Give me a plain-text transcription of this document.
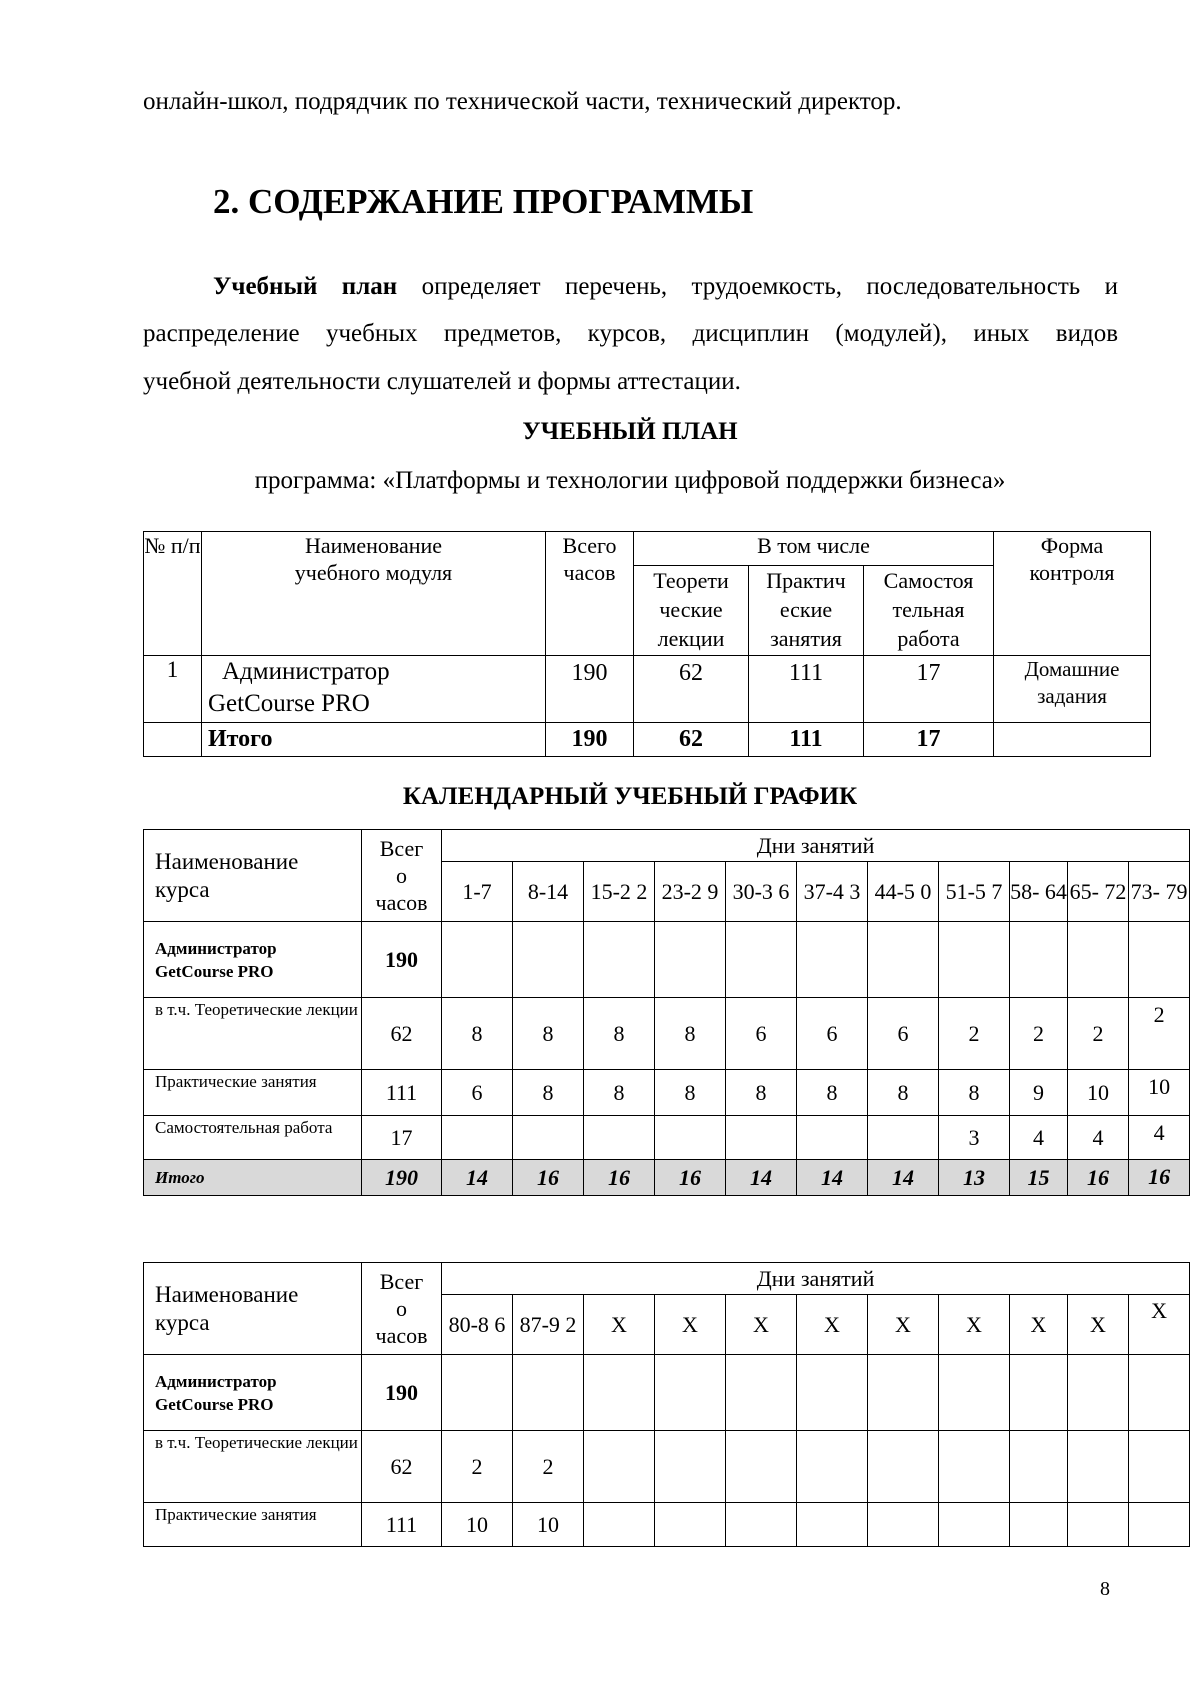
онлайн-школ, подрядчик по технической части, технический директор.
2. СОДЕРЖАНИЕ ПРОГРАММЫ
Учебный план определяет перечень, трудоемкость, последовательность и
распределение учебных предметов, курсов, дисциплин (модулей), иных видов
учебной деятельности слушателей и формы аттестации.
УЧЕБНЫЙ ПЛАН
программа: «Платформы и технологии цифровой поддержки бизнеса»
№ п/п	Наименование учебного модуля	Всего часов	В том числе			Форма контроля
			Теорети ческие лекции	Практич еские занятия	Самостоя тельная работа	
1	Администратор GetCourse PRO	190	62	111	17	Домашние задания
	Итого	190	62	111	17	
КАЛЕНДАРНЫЙ УЧЕБНЫЙ ГРАФИК
Наименование курса	Всег о часов	Дни занятий										
		1-7	8-14	15-2 2	23-2 9	30-3 6	37-4 3	44-5 0	51-5 7	58- 64	65- 72	73- 79
Администратор GetCourse PRO	190											
в т.ч. Теоретические лекции	62	8	8	8	8	6	6	6	2	2	2	2
Практические занятия	111	6	8	8	8	8	8	8	8	9	10	10
Самостоятельная работа	17								3	4	4	4
Итого	190	14	16	16	16	14	14	14	13	15	16	16
Наименование курса	Всег о часов	Дни занятий										
		80-8 6	87-9 2	X	X	X	X	X	X	X	X	X
Администратор GetCourse PRO	190											
в т.ч. Теоретические лекции	62	2	2									
Практические занятия	111	10	10									
8
